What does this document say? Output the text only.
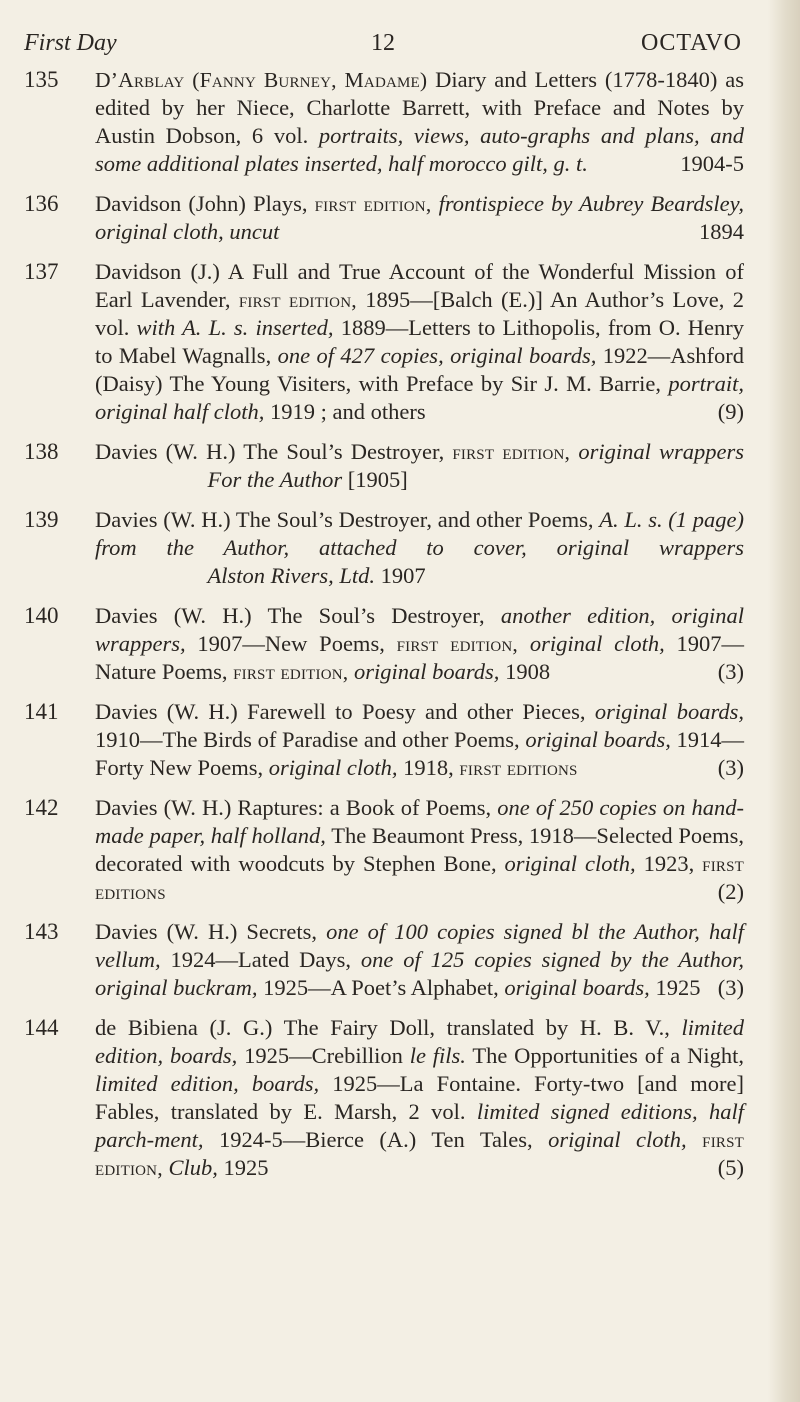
First Day	12	OCTAVO
135	D’Arblay (Fanny Burney, Madame) Diary and Letters (1778-1840) as edited by her Niece, Charlotte Barrett, with Preface and Notes by Austin Dobson, 6 vol. portraits, views, auto-graphs and plans, and some additional plates inserted, half morocco gilt, g. t.	1904-5
136	Davidson (John) Plays, first edition, frontispiece by Aubrey Beardsley, original cloth, uncut	1894
137	Davidson (J.) A Full and True Account of the Wonderful Mission of Earl Lavender, first edition, 1895—[Balch (E.)] An Author’s Love, 2 vol. with A. L. s. inserted, 1889—Letters to Lithopolis, from O. Henry to Mabel Wagnalls, one of 427 copies, original boards, 1922—Ashford (Daisy) The Young Visiters, with Preface by Sir J. M. Barrie, portrait, original half cloth, 1919 ; and others	(9)
138	Davies (W. H.) The Soul’s Destroyer, first edition, original wrappers                    For the Author [1905]
139	Davies (W. H.) The Soul’s Destroyer, and other Poems, A. L. s. (1 page) from the Author, attached to cover, original wrappers                    Alston Rivers, Ltd. 1907
140	Davies (W. H.) The Soul’s Destroyer, another edition, original wrappers, 1907—New Poems, first edition, original cloth, 1907—Nature Poems, first edition, original boards, 1908	(3)
141	Davies (W. H.) Farewell to Poesy and other Pieces, original boards, 1910—The Birds of Paradise and other Poems, original boards, 1914—Forty New Poems, original cloth, 1918, first editions	(3)
142	Davies (W. H.) Raptures: a Book of Poems, one of 250 copies on hand-made paper, half holland, The Beaumont Press, 1918—Selected Poems, decorated with woodcuts by Stephen Bone, original cloth, 1923, first editions	(2)
143	Davies (W. H.) Secrets, one of 100 copies signed bl the Author, half vellum, 1924—Lated Days, one of 125 copies signed by the Author, original buckram, 1925—A Poet’s Alphabet, original boards, 1925 (3)
144	de Bibiena (J. G.) The Fairy Doll, translated by H. B. V., limited edition, boards, 1925—Crebillion le fils. The Opportunities of a Night, limited edition, boards, 1925—La Fontaine. Forty-two [and more] Fables, translated by E. Marsh, 2 vol. limited signed editions, half parch-ment, 1924-5—Bierce (A.) Ten Tales, original cloth, first edition, Club, 1925	(5)
